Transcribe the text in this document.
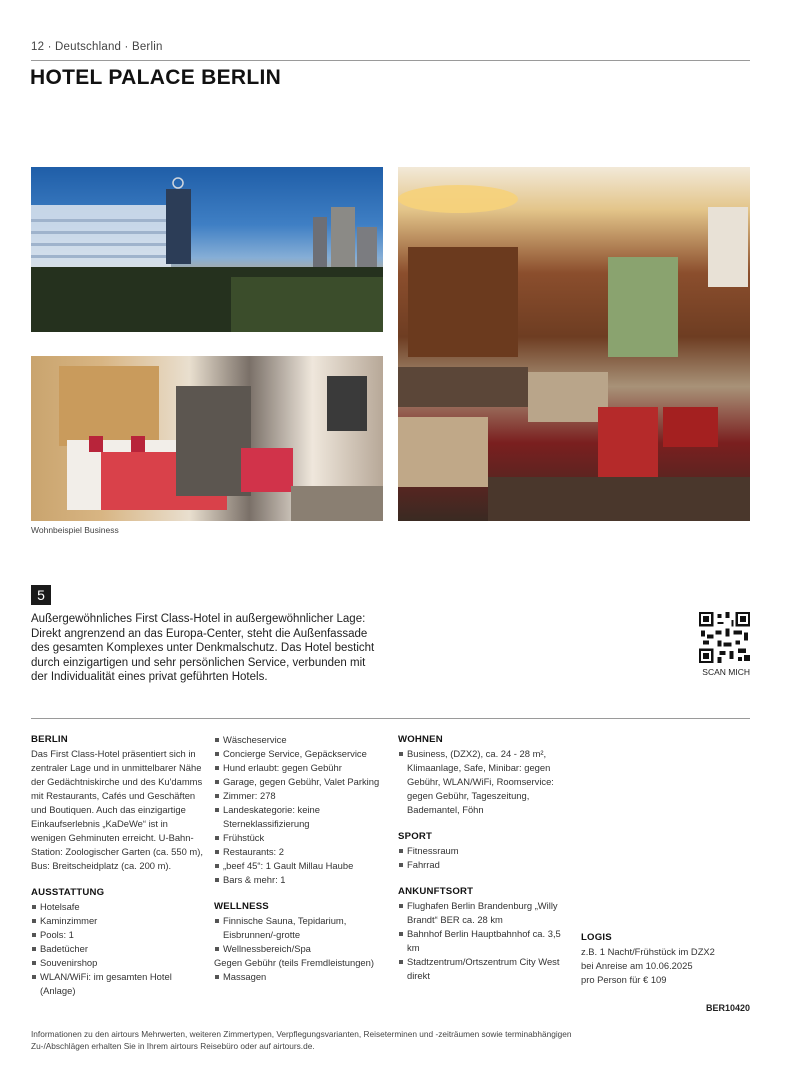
12 · Deutschland · Berlin
HOTEL PALACE BERLIN
Wohnbeispiel Business
5

Außergewöhnliches First Class-Hotel in außergewöhnlicher Lage: Direkt angrenzend an das Europa-Center, steht die Außenfassade des gesamten Komplexes unter Denkmalschutz. Das Hotel besticht durch einzigartigen und sehr persönlichen Service, verbunden mit der Individualität eines privat geführten Hotels.	SCAN MICH
BERLIN

Das First Class-Hotel präsentiert sich in zentraler Lage und in unmittelbarer Nähe der Gedächtniskirche und des Ku'damms mit Restaurants, Cafés und Geschäften und Boutiquen. Auch das einzigartige Einkaufserlebnis „KaDeWe“ ist in wenigen Gehminuten erreicht. U-Bahn-Station: Zoologischer Garten (ca. 550 m), Bus: Breitscheidplatz (ca. 200 m).

AUSSTATTUNG
Hotelsafe
Kaminzimmer
Pools: 1
Badetücher
Souvenirshop
WLAN/WiFi: im gesamten Hotel (Anlage)
Wäscheservice
Concierge Service, Gepäckservice
Hund erlaubt: gegen Gebühr
Garage, gegen Gebühr, Valet Parking
Zimmer: 278
Landeskategorie: keine Sterneklassifizierung
Frühstück
Restaurants: 2
„beef 45“: 1 Gault Millau Haube
Bars & mehr: 1
WELLNESS
Finnische Sauna, Tepidarium, Eisbrunnen/-grotte
Wellnessbereich/Spa
Gegen Gebühr (teils Fremdleistungen)
Massagen
WOHNEN
Business, (DZX2), ca. 24 - 28 m², Klimaanlage, Safe, Minibar: gegen Gebühr, WLAN/WiFi, Roomservice: gegen Gebühr, Tageszeitung, Bademantel, Föhn
SPORT
Fitnessraum
Fahrrad
ANKUNFTSORT
Flughafen Berlin Brandenburg „Willy Brandt“ BER ca. 28 km
Bahnhof Berlin Hauptbahnhof ca. 3,5 km
Stadtzentrum/Ortszentrum City West direkt
LOGIS
z.B. 1 Nacht/Frühstück im DZX2
bei Anreise am 10.06.2025
pro Person für € 109
BER10420

Informationen zu den airtours Mehrwerten, weiteren Zimmertypen, Verpflegungsvarianten, Reiseterminen und -zeiträumen sowie terminabhängigen Zu-/Abschlägen erhalten Sie in Ihrem airtours Reisebüro oder auf airtours.de.
